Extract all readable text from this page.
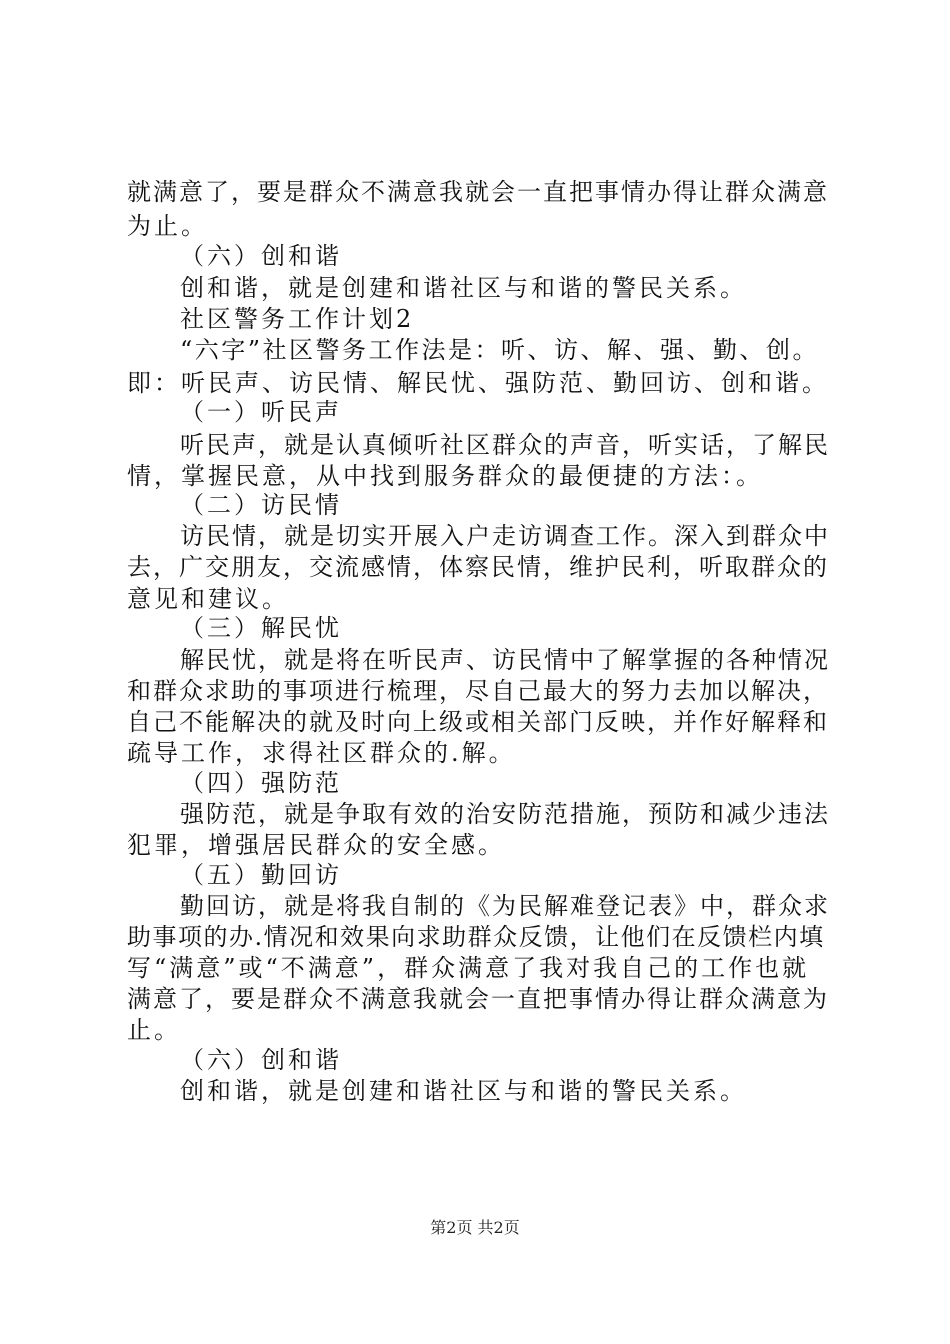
就满意了，要是群众不满意我就会一直把事情办得让群众满意
为止。
（六）创和谐
创和谐，就是创建和谐社区与和谐的警民关系。
社区警务工作计划2
“六字”社区警务工作法是：听、访、解、强、勤、创。
即：听民声、访民情、解民忧、强防范、勤回访、创和谐。
（一）听民声
听民声，就是认真倾听社区群众的声音，听实话，了解民
情，掌握民意，从中找到服务群众的最便捷的方法：。
（二）访民情
访民情，就是切实开展入户走访调查工作。深入到群众中
去，广交朋友，交流感情，体察民情，维护民利，听取群众的
意见和建议。
（三）解民忧
解民忧，就是将在听民声、访民情中了解掌握的各种情况
和群众求助的事项进行梳理，尽自己最大的努力去加以解决，
自己不能解决的就及时向上级或相关部门反映，并作好解释和
疏导工作，求得社区群众的.解。
（四）强防范
强防范，就是争取有效的治安防范措施，预防和减少违法
犯罪，增强居民群众的安全感。
（五）勤回访
勤回访，就是将我自制的《为民解难登记表》中，群众求
助事项的办.情况和效果向求助群众反馈，让他们在反馈栏内填
写“满意”或“不满意”，群众满意了我对我自己的工作也就
满意了，要是群众不满意我就会一直把事情办得让群众满意为
止。
（六）创和谐
创和谐，就是创建和谐社区与和谐的警民关系。
第2页 共2页
